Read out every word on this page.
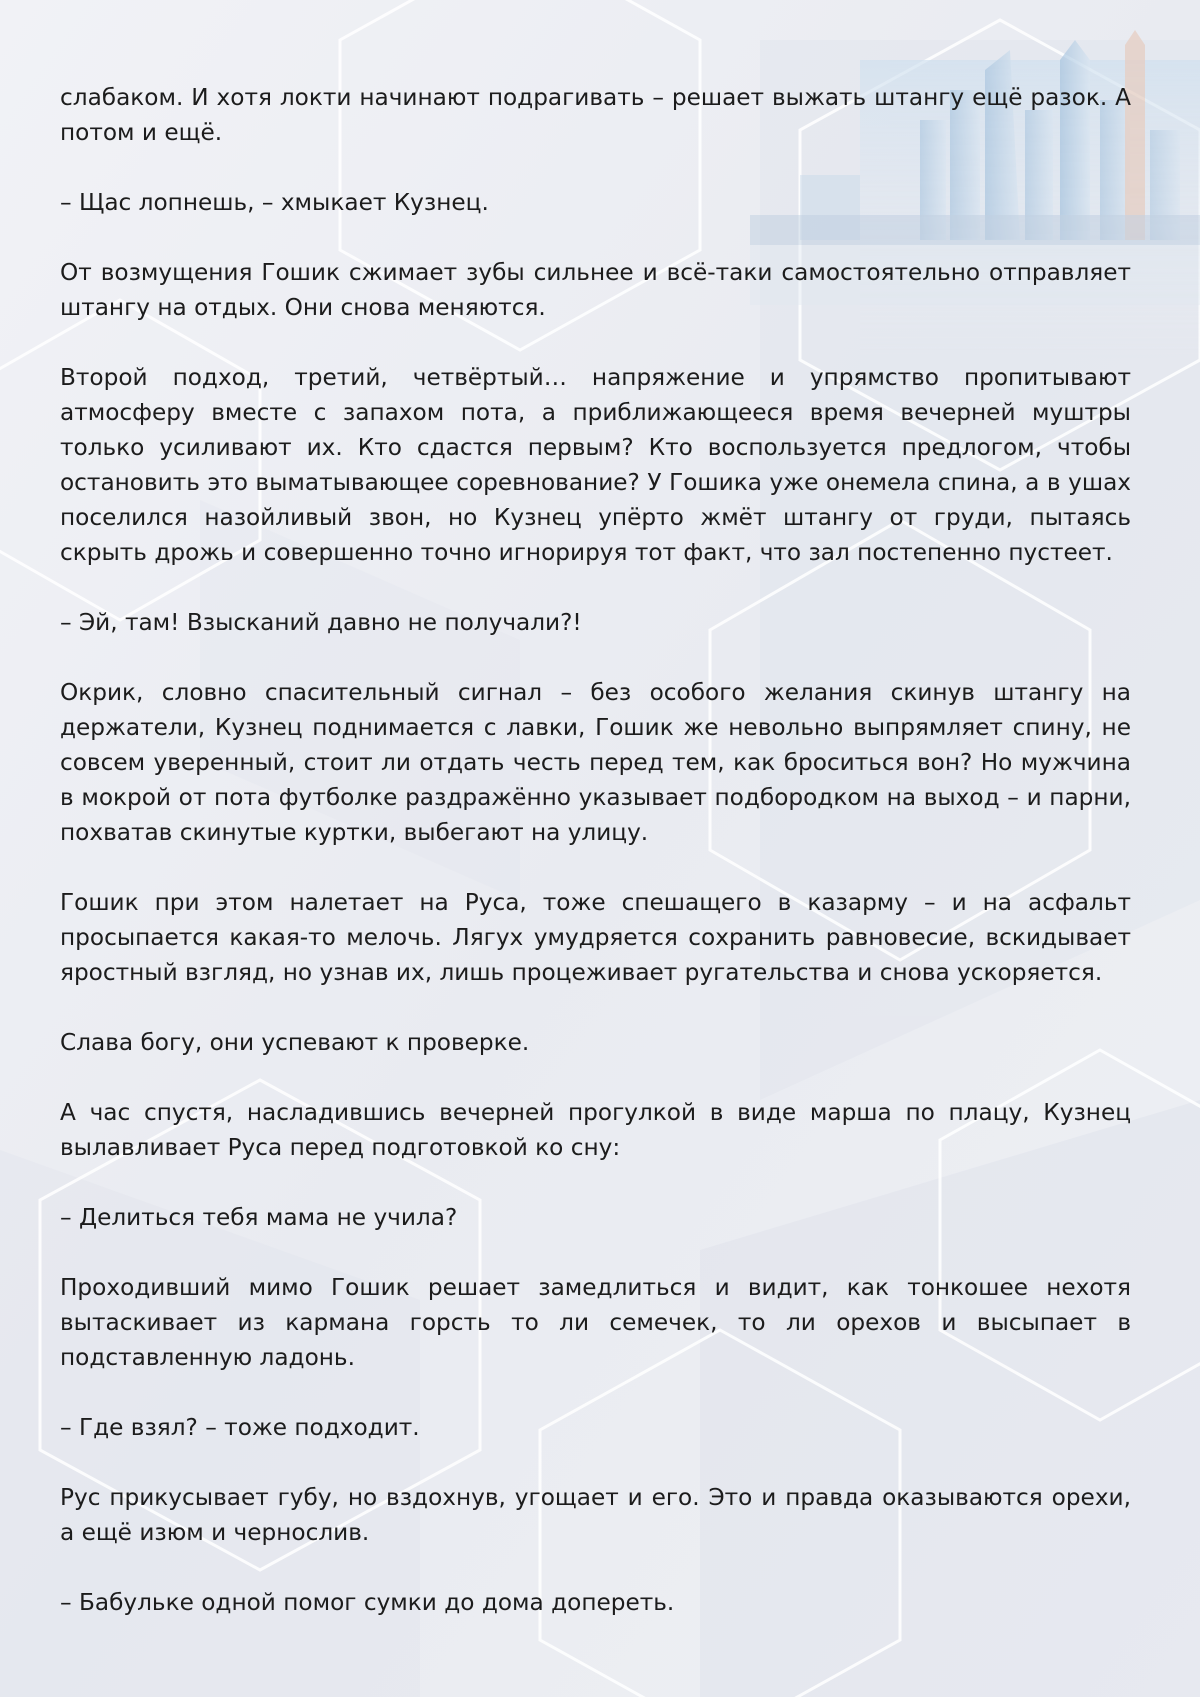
слабаком. И хотя локти начинают подрагивать – решает выжать штангу ещё разок. А потом и ещё.

– Щас лопнешь, – хмыкает Кузнец.

От возмущения Гошик сжимает зубы сильнее и всё-таки самостоятельно отправляет штангу на отдых. Они снова меняются.

Второй подход, третий, четвёртый… напряжение и упрямство пропитывают атмосферу вместе с запахом пота, а приближающееся время вечерней муштры только усиливают их. Кто сдастся первым? Кто воспользуется предлогом, чтобы остановить это выматывающее соревнование? У Гошика уже онемела спина, а в ушах поселился назойливый звон, но Кузнец упёрто жмёт штангу от груди, пытаясь скрыть дрожь и совершенно точно игнорируя тот факт, что зал постепенно пустеет.

– Эй, там! Взысканий давно не получали?!

Окрик, словно спасительный сигнал – без особого желания скинув штангу на держатели, Кузнец поднимается с лавки, Гошик же невольно выпрямляет спину, не совсем уверенный, стоит ли отдать честь перед тем, как броситься вон? Но мужчина в мокрой от пота футболке раздражённо указывает подбородком на выход – и парни, похватав скинутые куртки, выбегают на улицу.

Гошик при этом налетает на Руса, тоже спешащего в казарму – и на асфальт просыпается какая-то мелочь. Лягух умудряется сохранить равновесие, вскидывает яростный взгляд, но узнав их, лишь процеживает ругательства и снова ускоряется.

Слава богу, они успевают к проверке.

А час спустя, насладившись вечерней прогулкой в виде марша по плацу, Кузнец вылавливает Руса перед подготовкой ко сну:

– Делиться тебя мама не учила?

Проходивший мимо Гошик решает замедлиться и видит, как тонкошее нехотя вытаскивает из кармана горсть то ли семечек, то ли орехов и высыпает в подставленную ладонь.

– Где взял? – тоже подходит.

Рус прикусывает губу, но вздохнув, угощает и его. Это и правда оказываются орехи, а ещё изюм и чернослив.

– Бабульке одной помог сумки до дома доперeть.
